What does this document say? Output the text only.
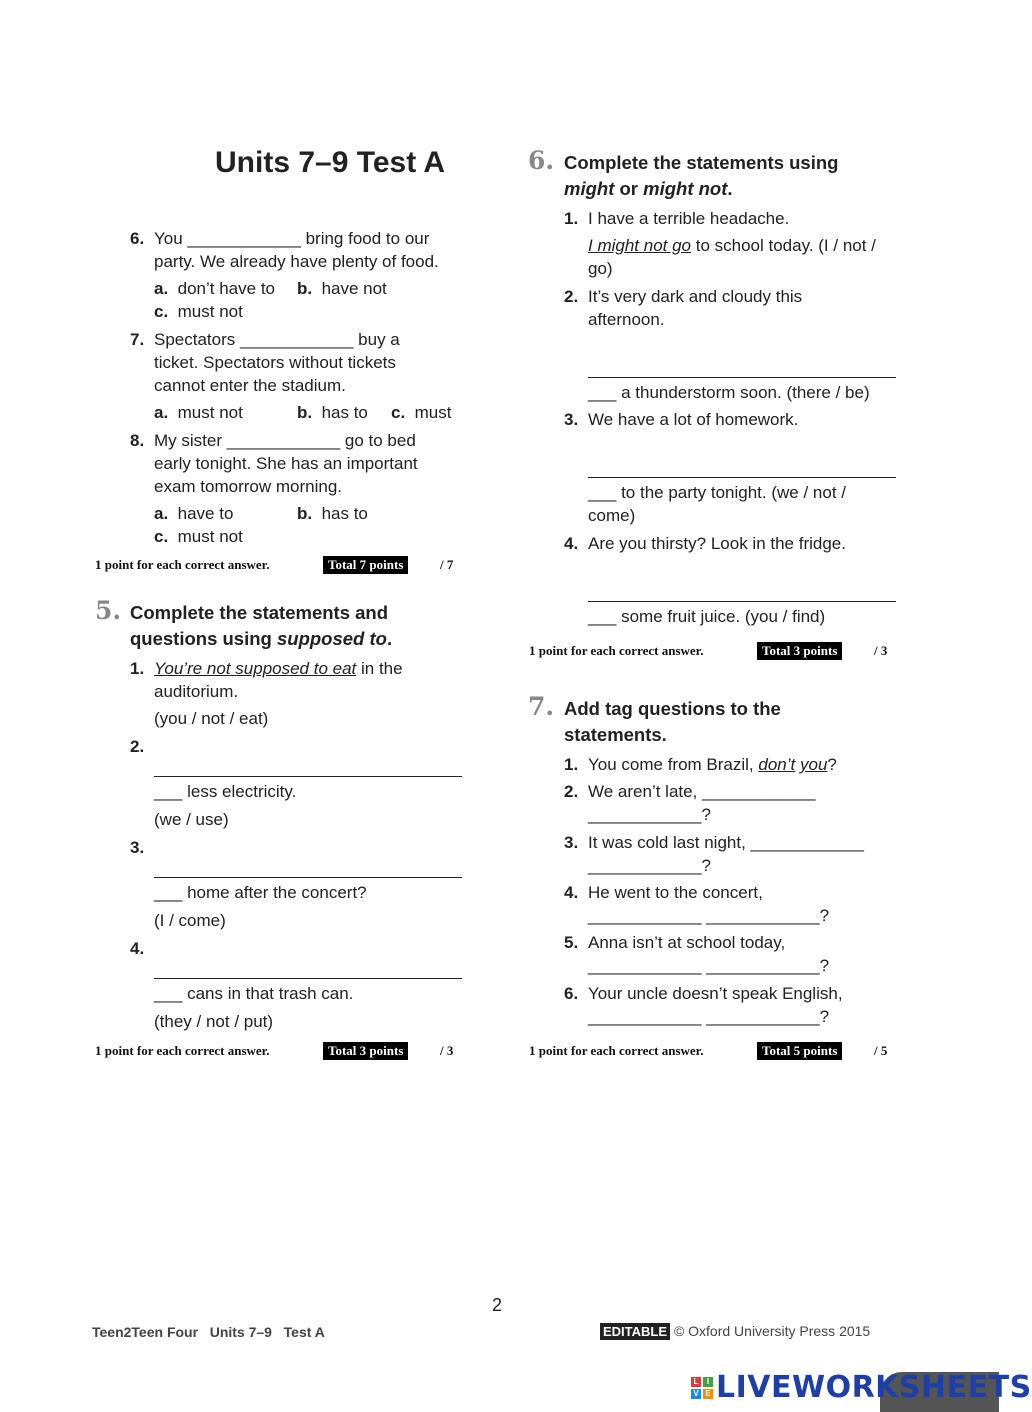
Units 7–9 Test A
6. You ____________ bring food to our
party. We already have plenty of food.
a. don’t have to b. have not
c. must not
7. Spectators ____________ buy a
ticket. Spectators without tickets
cannot enter the stadium.
a. must not	b. has to c. must
8. My sister ____________ go to bed
early tonight. She has an important
exam tomorrow morning.
a. have to	b. has to
c. must not
1 point for each correct answer.	Total 7 points	/ 7
5. Complete the statements and
questions using supposed to.
1. You’re not supposed to eat in the
auditorium.
(you / not / eat)
2.
___ less electricity.
(we / use)
3.
___ home after the concert?
(I / come)
4.
___ cans in that trash can.
(they / not / put)
1 point for each correct answer.	Total 3 points	/ 3
6. Complete the statements using
might or might not.
1. I have a terrible headache.
I might not go to school today. (I / not /
go)
2. It’s very dark and cloudy this
afternoon.
___ a thunderstorm soon. (there / be)
3. We have a lot of homework.
___ to the party tonight. (we / not /
come)
4. Are you thirsty? Look in the fridge.
___ some fruit juice. (you / find)
1 point for each correct answer.	Total 3 points	/ 3
7. Add tag questions to the
statements.
1. You come from Brazil, don’t you?
2. We aren’t late, ____________
____________?
3. It was cold last night, ____________
____________?
4. He went to the concert,
____________ ____________?
5. Anna isn’t at school today,
____________ ____________?
6. Your uncle doesn’t speak English,
____________ ____________?
1 point for each correct answer.	Total 5 points	/ 5
2
Teen2Teen Four   Units 7–9   Test A	EDITABLE © Oxford University Press 2015
L	I
V E LIVEWORKSHEETS
